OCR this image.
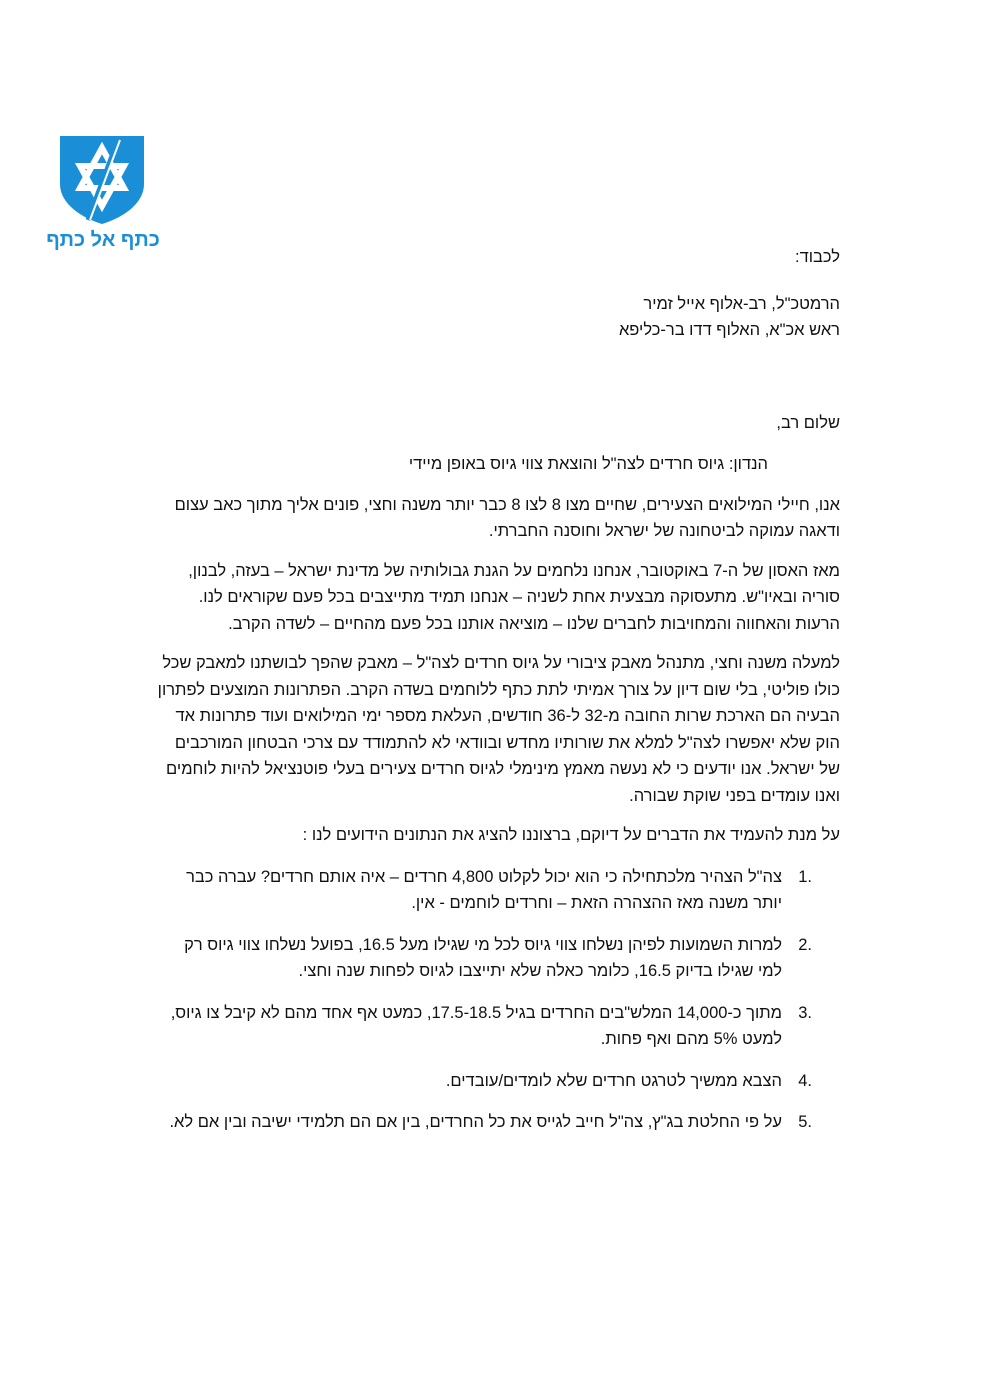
כתף אל כתף

לכבוד:

הרמטכ"ל, רב-אלוף אייל זמיר

ראש אכ"א, האלוף דדו בר-כליפא

שלום רב,

הנדון: גיוס חרדים לצה"ל והוצאת צווי גיוס באופן מיידי

אנו, חיילי המילואים הצעירים, שחיים מצו 8 לצו 8 כבר יותר משנה וחצי, פונים אליך מתוך כאב עצום ודאגה עמוקה לביטחונה של ישראל וחוסנה החברתי.

מאז האסון של ה-7 באוקטובר, אנחנו נלחמים על הגנת גבולותיה של מדינת ישראל – בעזה, לבנון, סוריה ובאיו"ש. מתעסוקה מבצעית אחת לשניה – אנחנו תמיד מתייצבים בכל פעם שקוראים לנו. הרעות והאחווה והמחויבות לחברים שלנו – מוציאה אותנו בכל פעם מהחיים – לשדה הקרב.

למעלה משנה וחצי, מתנהל מאבק ציבורי על גיוס חרדים לצה"ל – מאבק שהפך לבושתנו למאבק שכל כולו פוליטי, בלי שום דיון על צורך אמיתי לתת כתף ללוחמים בשדה הקרב. הפתרונות המוצעים לפתרון הבעיה הם הארכת שרות החובה מ-32 ל-36 חודשים, העלאת מספר ימי המילואים ועוד פתרונות אד הוק שלא יאפשרו לצה"ל למלא את שורותיו מחדש ובוודאי לא להתמודד עם צרכי הבטחון המורכבים של ישראל. אנו יודעים כי לא נעשה מאמץ מינימלי לגיוס חרדים צעירים בעלי פוטנציאל להיות לוחמים ואנו עומדים בפני שוקת שבורה.

על מנת להעמיד את הדברים על דיוקם, ברצוננו להציג את הנתונים הידועים לנו :

1.
צה"ל הצהיר מלכתחילה כי הוא יכול לקלוט 4,800 חרדים – איה אותם חרדים? עברה כבר יותר משנה מאז ההצהרה הזאת – וחרדים לוחמים - אין.
2.
למרות השמועות לפיהן נשלחו צווי גיוס לכל מי שגילו מעל 16.5, בפועל נשלחו צווי גיוס רק למי שגילו בדיוק 16.5, כלומר כאלה שלא יתייצבו לגיוס לפחות שנה וחצי.
3.
מתוך כ-14,000 המלש"בים החרדים בגיל 17.5-18.5, כמעט אף אחד מהם לא קיבל צו גיוס, למעט 5% מהם ואף פחות.
4.
הצבא ממשיך לטרגט חרדים שלא לומדים/עובדים.
5.
על פי החלטת בג"ץ, צה"ל חייב לגייס את כל החרדים, בין אם הם תלמידי ישיבה ובין אם לא.
